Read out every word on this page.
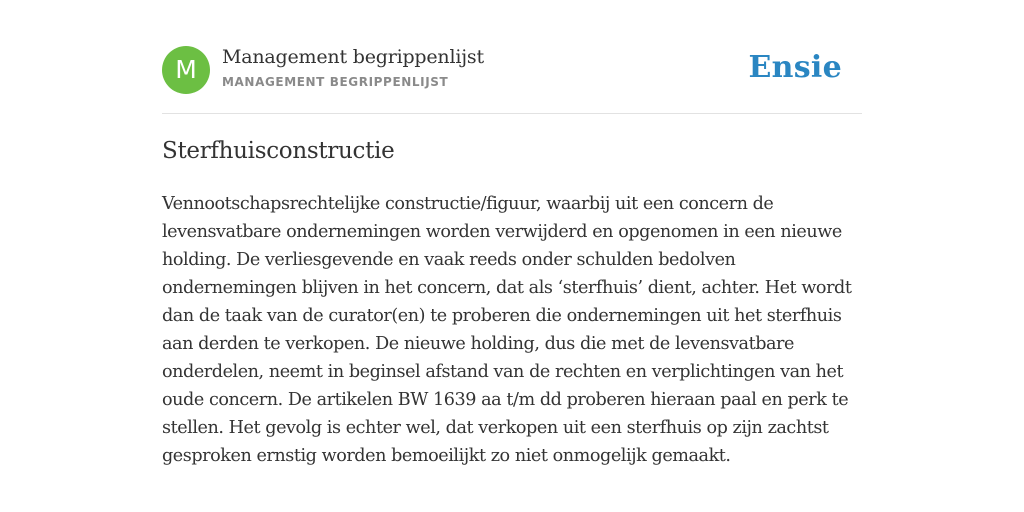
M	Management begrippenlijst
MANAGEMENT BEGRIPPENLIJST	Ensie
Sterfhuisconstructie

Vennootschapsrechtelijke constructie/figuur, waarbij uit een concern de levensvatbare ondernemingen worden verwijderd en opgenomen in een nieuwe holding. De verliesgevende en vaak reeds onder schulden bedolven ondernemingen blijven in het concern, dat als ‘sterfhuis’ dient, achter. Het wordt dan de taak van de curator(en) te proberen die ondernemingen uit het sterfhuis aan derden te verkopen. De nieuwe holding, dus die met de levensvatbare onderdelen, neemt in beginsel afstand van de rechten en verplichtingen van het oude concern. De artikelen BW 1639 aa t/m dd proberen hieraan paal en perk te stellen. Het gevolg is echter wel, dat verkopen uit een sterfhuis op zijn zachtst gesproken ernstig worden bemoeilijkt zo niet onmogelijk gemaakt.
